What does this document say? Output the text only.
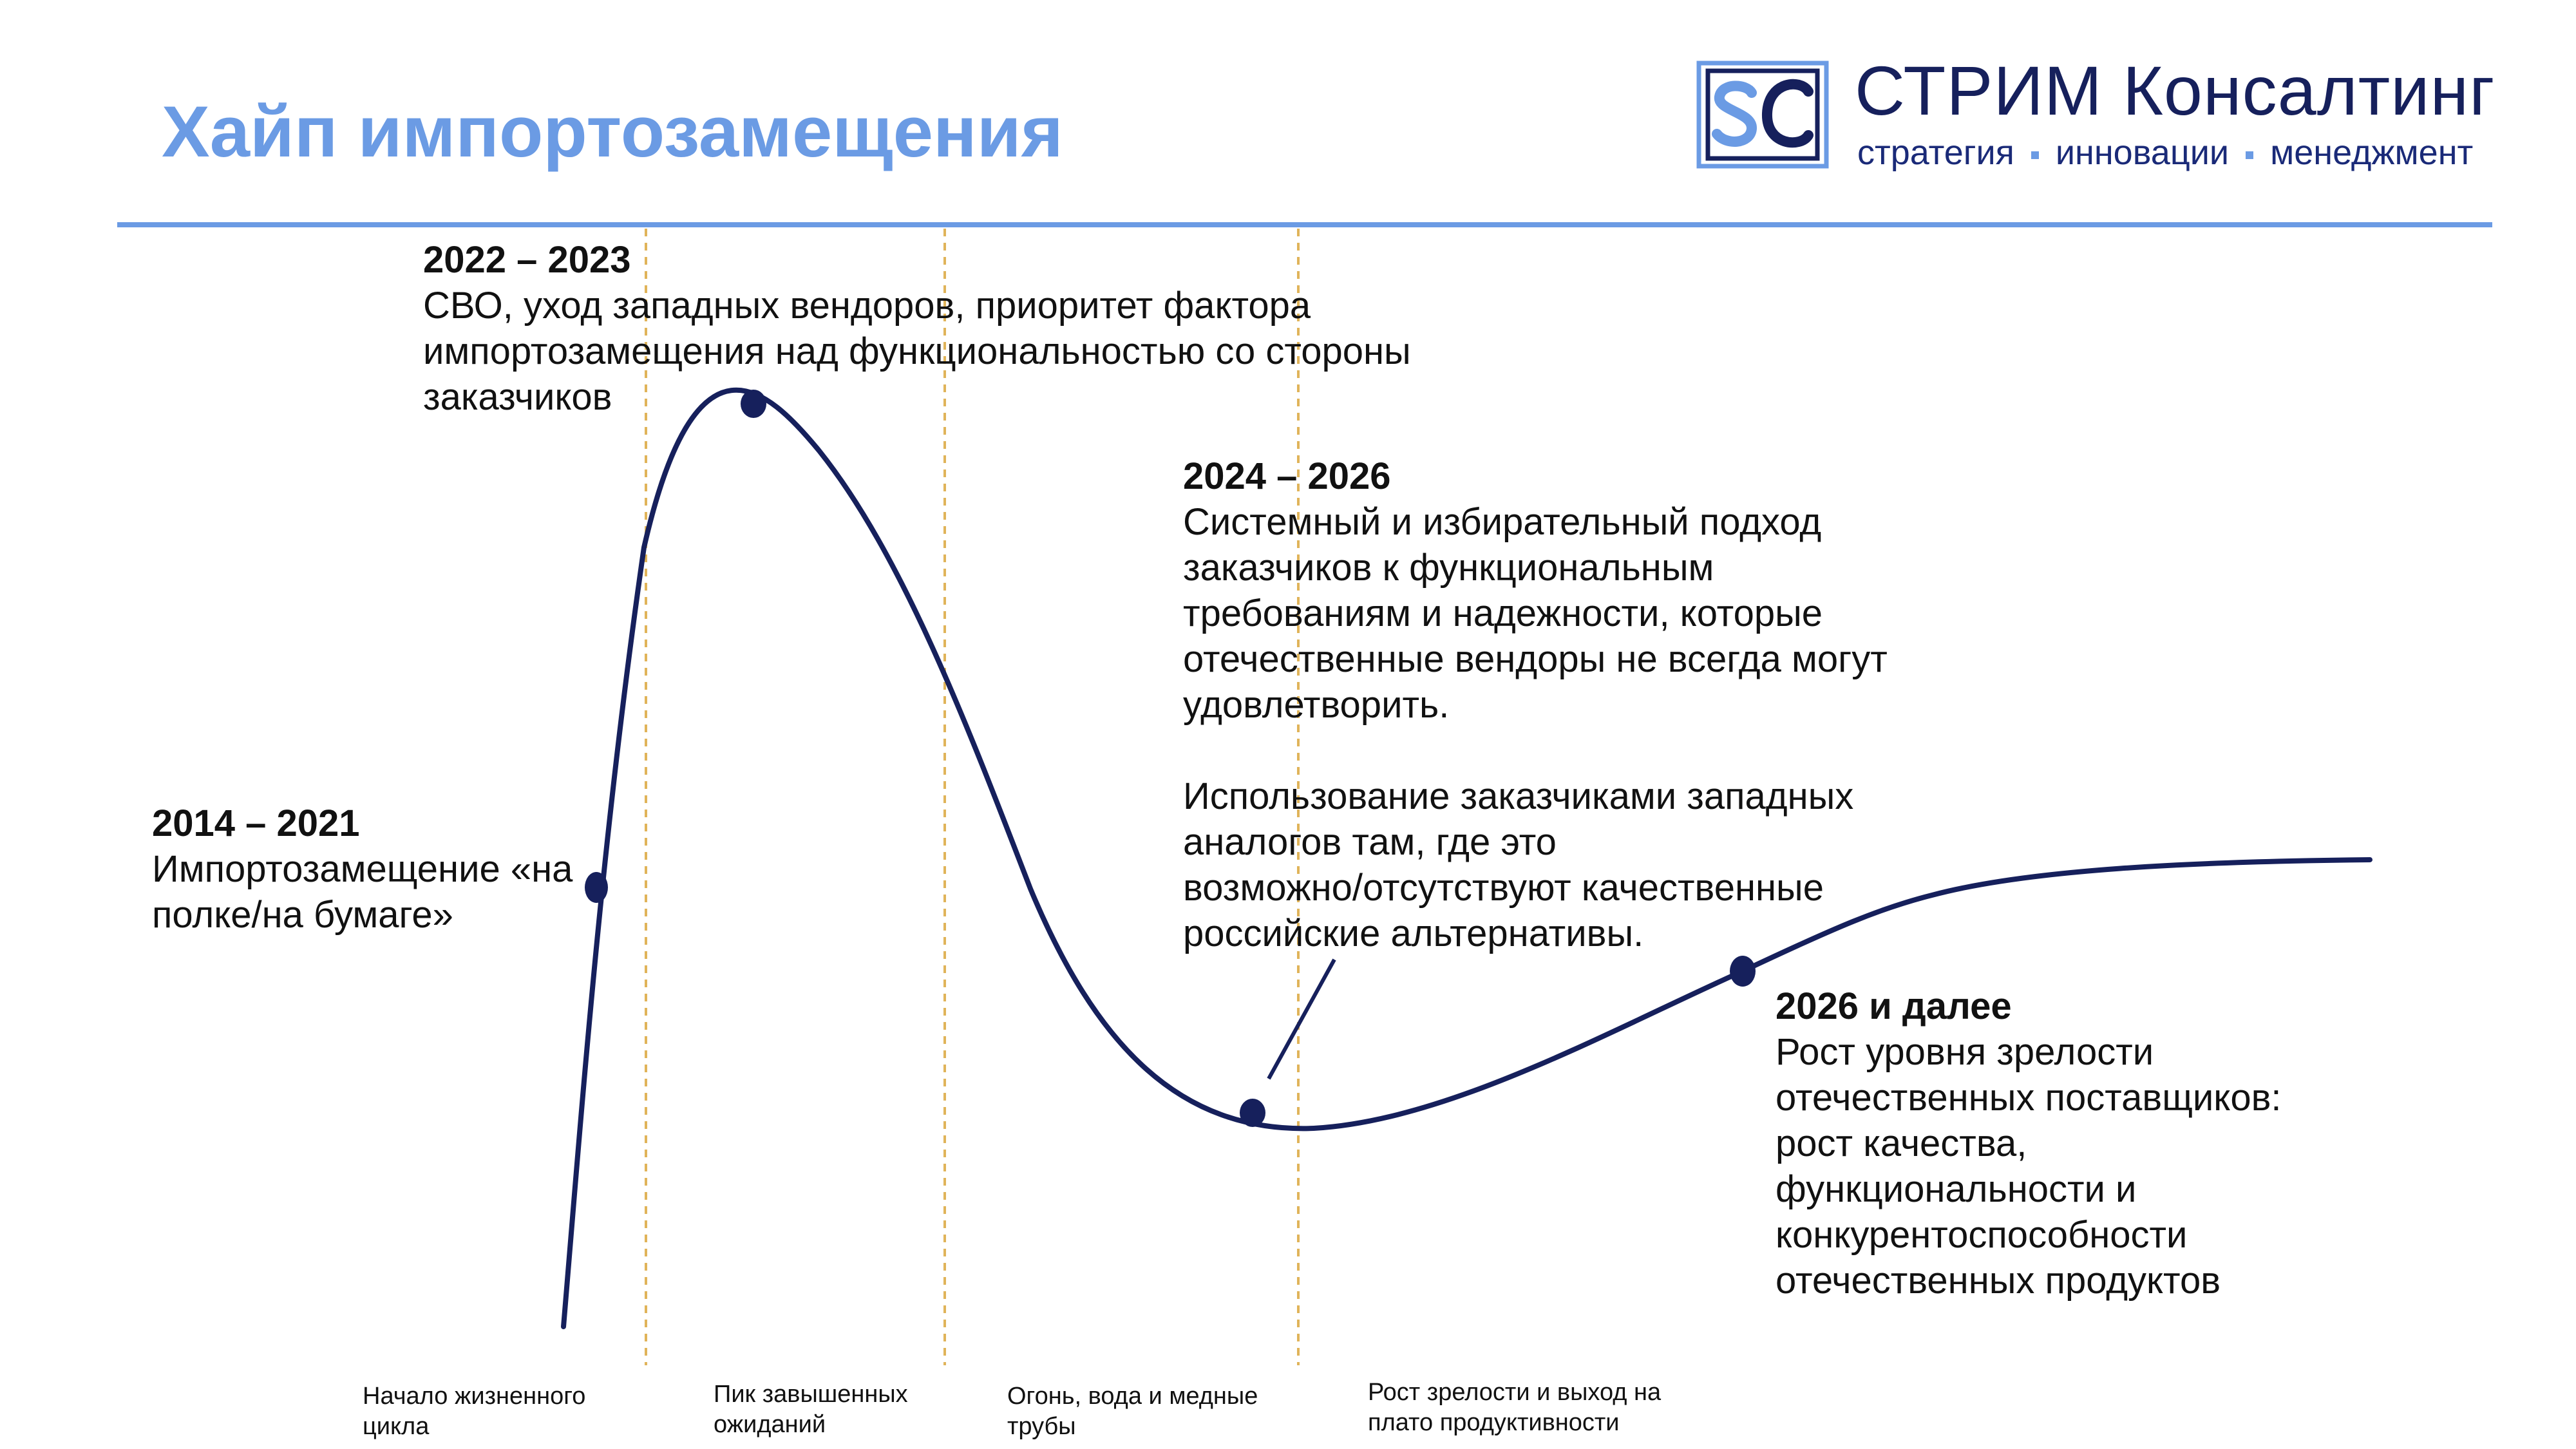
Хайп импортозамещения
СТРИМ Консалтинг
стратегия инновации менеджмент
2022 – 2023
СВО, уход западных вендоров, приоритет фактора
импортозамещения над функциональностью со стороны
заказчиков
2014 – 2021
Импортозамещение «на
полке/на бумаге»
2024 – 2026
Системный и избирательный подход
заказчиков к функциональным
требованиям и надежности, которые
отечественные вендоры не всегда могут
удовлетворить.
Использование заказчиками западных
аналогов там, где это
возможно/отсутствуют качественные
российские альтернативы.
2026 и далее
Рост уровня зрелости
отечественных поставщиков:
рост качества,
функциональности и
конкурентоспособности
отечественных продуктов
Начало жизненного
цикла
Пик завышенных
ожиданий
Огонь, вода и медные
трубы
Рост зрелости и выход на
плато продуктивности
